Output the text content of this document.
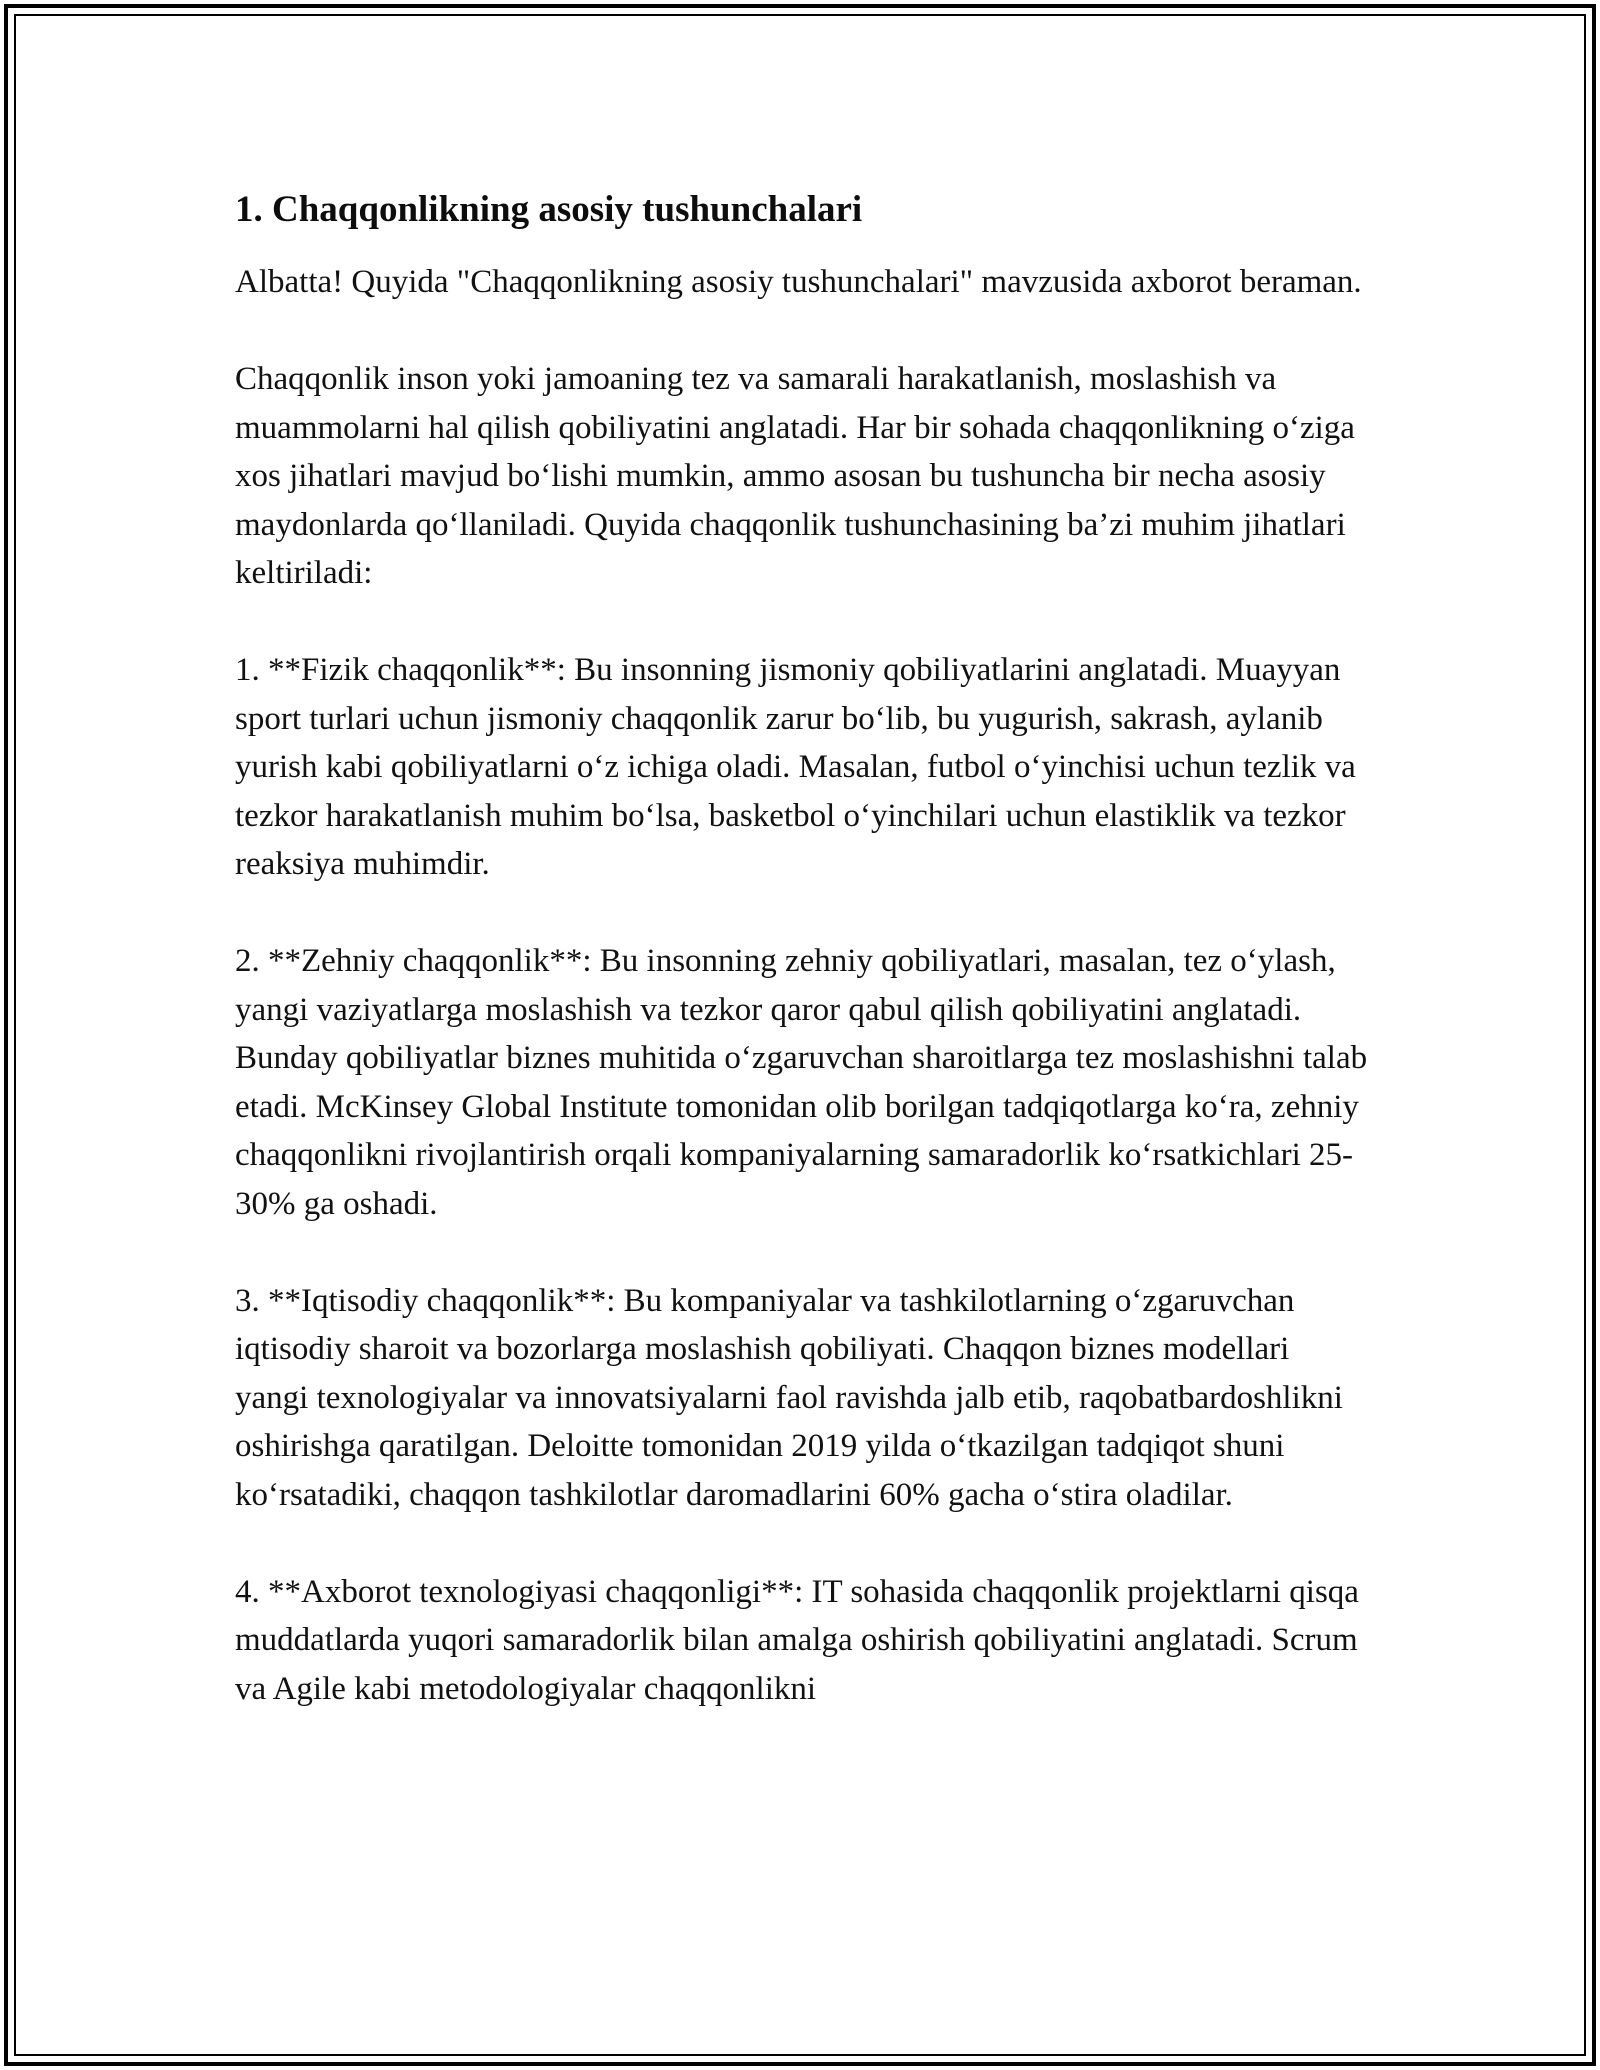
1. Chaqqonlikning asosiy tushunchalari

Albatta! Quyida "Chaqqonlikning asosiy tushunchalari" mavzusida axborot beraman.

Chaqqonlik inson yoki jamoaning tez va samarali harakatlanish, moslashish va muammolarni hal qilish qobiliyatini anglatadi. Har bir sohada chaqqonlikning o‘ziga xos jihatlari mavjud bo‘lishi mumkin, ammo asosan bu tushuncha bir necha asosiy maydonlarda qo‘llaniladi. Quyida chaqqonlik tushunchasining ba’zi muhim jihatlari keltiriladi:

1. **Fizik chaqqonlik**: Bu insonning jismoniy qobiliyatlarini anglatadi. Muayyan sport turlari uchun jismoniy chaqqonlik zarur bo‘lib, bu yugurish, sakrash, aylanib yurish kabi qobiliyatlarni o‘z ichiga oladi. Masalan, futbol o‘yinchisi uchun tezlik va tezkor harakatlanish muhim bo‘lsa, basketbol o‘yinchilari uchun elastiklik va tezkor reaksiya muhimdir.

2. **Zehniy chaqqonlik**: Bu insonning zehniy qobiliyatlari, masalan, tez o‘ylash, yangi vaziyatlarga moslashish va tezkor qaror qabul qilish qobiliyatini anglatadi. Bunday qobiliyatlar biznes muhitida o‘zgaruvchan sharoitlarga tez moslashishni talab etadi. McKinsey Global Institute tomonidan olib borilgan tadqiqotlarga ko‘ra, zehniy chaqqonlikni rivojlantirish orqali kompaniyalarning samaradorlik ko‘rsatkichlari 25-30% ga oshadi.

3. **Iqtisodiy chaqqonlik**: Bu kompaniyalar va tashkilotlarning o‘zgaruvchan iqtisodiy sharoit va bozorlarga moslashish qobiliyati. Chaqqon biznes modellari yangi texnologiyalar va innovatsiyalarni faol ravishda jalb etib, raqobatbardoshlikni oshirishga qaratilgan. Deloitte tomonidan 2019 yilda o‘tkazilgan tadqiqot shuni ko‘rsatadiki, chaqqon tashkilotlar daromadlarini 60% gacha o‘stira oladilar.

4. **Axborot texnologiyasi chaqqonligi**: IT sohasida chaqqonlik projektlarni qisqa muddatlarda yuqori samaradorlik bilan amalga oshirish qobiliyatini anglatadi. Scrum va Agile kabi metodologiyalar chaqqonlikni
